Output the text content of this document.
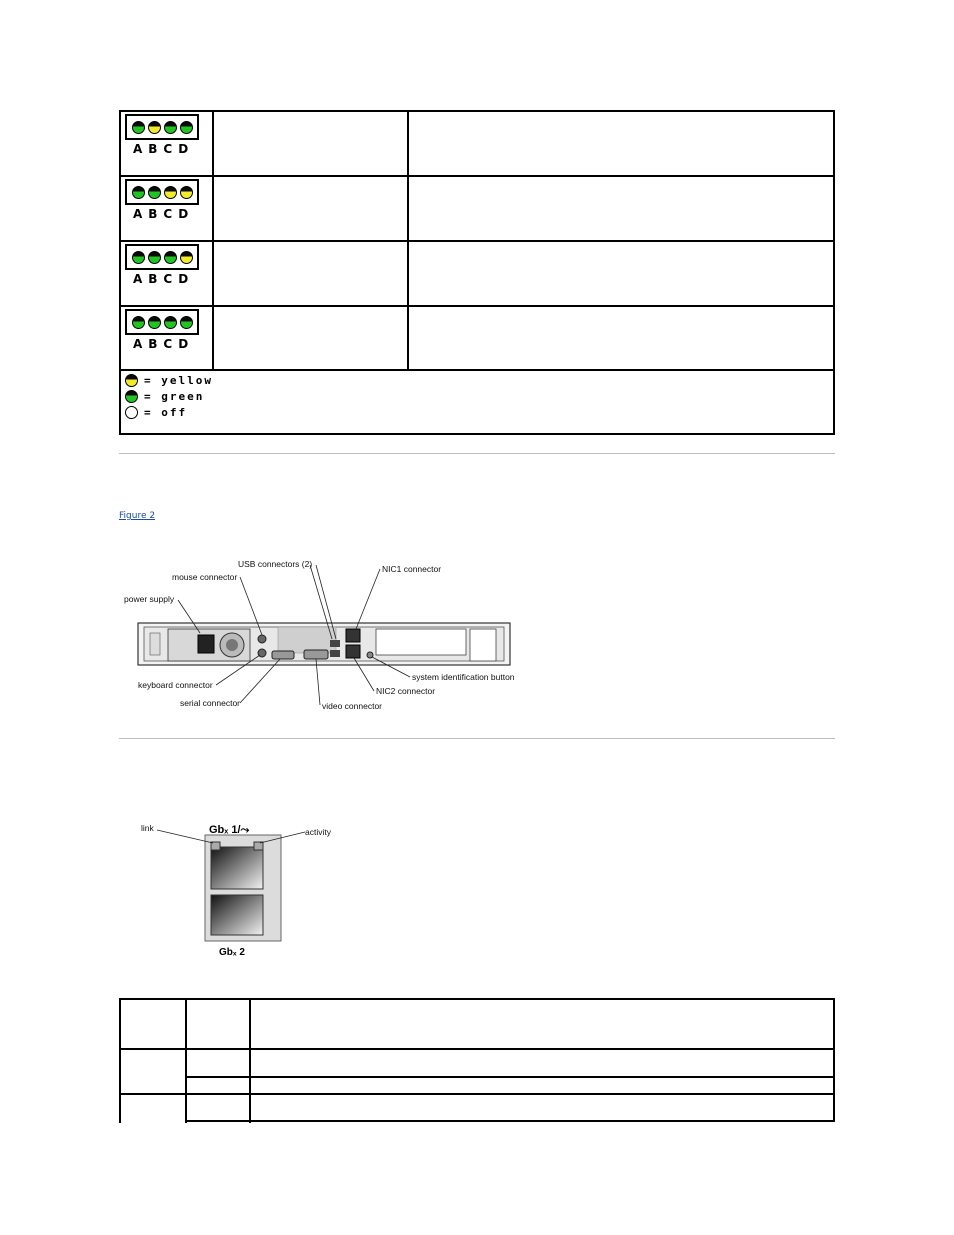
ABCD
ABCD
ABCD
ABCD
= yellow
= green
= off
Figure 2
USB connectors (2)	NIC1 connector
mouse connector
power supply
keyboard connector
serial connector	video connector
NIC2 connector
system identification button
link	activity
Gbₓ 1/⤳
Gbₓ 2
